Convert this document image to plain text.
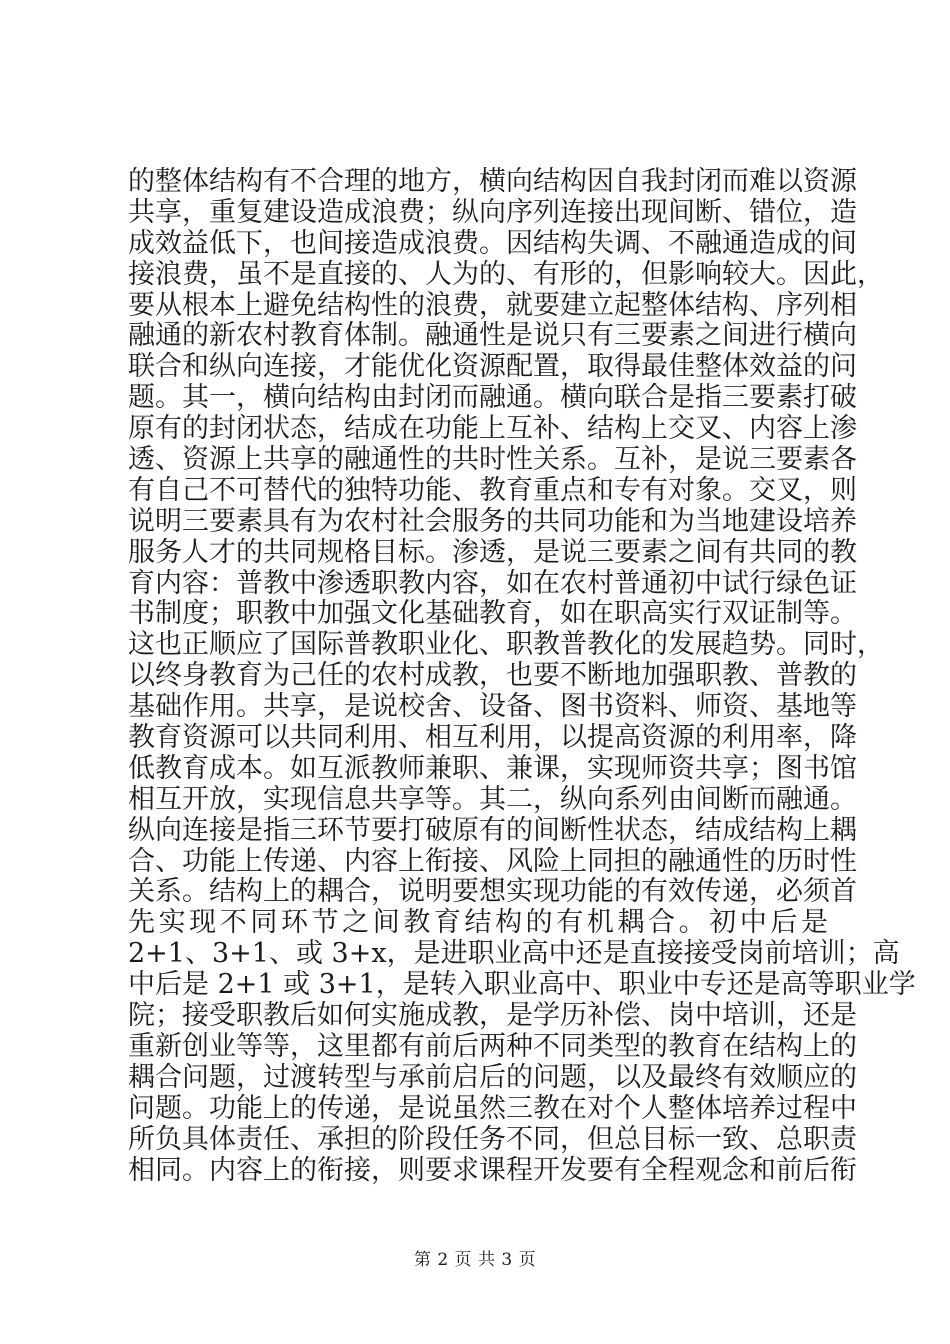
的整体结构有不合理的地方，横向结构因自我封闭而难以资源
共享，重复建设造成浪费；纵向序列连接出现间断、错位，造
成效益低下，也间接造成浪费。因结构失调、不融通造成的间
接浪费，虽不是直接的、人为的、有形的，但影响较大。因此，
要从根本上避免结构性的浪费，就要建立起整体结构、序列相
融通的新农村教育体制。融通性是说只有三要素之间进行横向
联合和纵向连接，才能优化资源配置，取得最佳整体效益的问
题。其一，横向结构由封闭而融通。横向联合是指三要素打破
原有的封闭状态，结成在功能上互补、结构上交叉、内容上渗
透、资源上共享的融通性的共时性关系。互补，是说三要素各
有自己不可替代的独特功能、教育重点和专有对象。交叉，则
说明三要素具有为农村社会服务的共同功能和为当地建设培养
服务人才的共同规格目标。渗透，是说三要素之间有共同的教
育内容：普教中渗透职教内容，如在农村普通初中试行绿色证
书制度；职教中加强文化基础教育，如在职高实行双证制等。
这也正顺应了国际普教职业化、职教普教化的发展趋势。同时，
以终身教育为己任的农村成教，也要不断地加强职教、普教的
基础作用。共享，是说校舍、设备、图书资料、师资、基地等
教育资源可以共同利用、相互利用，以提高资源的利用率，降
低教育成本。如互派教师兼职、兼课，实现师资共享；图书馆
相互开放，实现信息共享等。其二，纵向系列由间断而融通。
纵向连接是指三环节要打破原有的间断性状态，结成结构上耦
合、功能上传递、内容上衔接、风险上同担的融通性的历时性
关系。结构上的耦合，说明要想实现功能的有效传递，必须首
先实现不同环节之间教育结构的有机耦合。初中后是
2+1、3+1、或 3+x，是进职业高中还是直接接受岗前培训；高
中后是 2+1 或 3+1，是转入职业高中、职业中专还是高等职业学
院；接受职教后如何实施成教，是学历补偿、岗中培训，还是
重新创业等等，这里都有前后两种不同类型的教育在结构上的
耦合问题，过渡转型与承前启后的问题，以及最终有效顺应的
问题。功能上的传递，是说虽然三教在对个人整体培养过程中
所负具体责任、承担的阶段任务不同，但总目标一致、总职责
相同。内容上的衔接，则要求课程开发要有全程观念和前后衔
第 2 页 共 3 页
